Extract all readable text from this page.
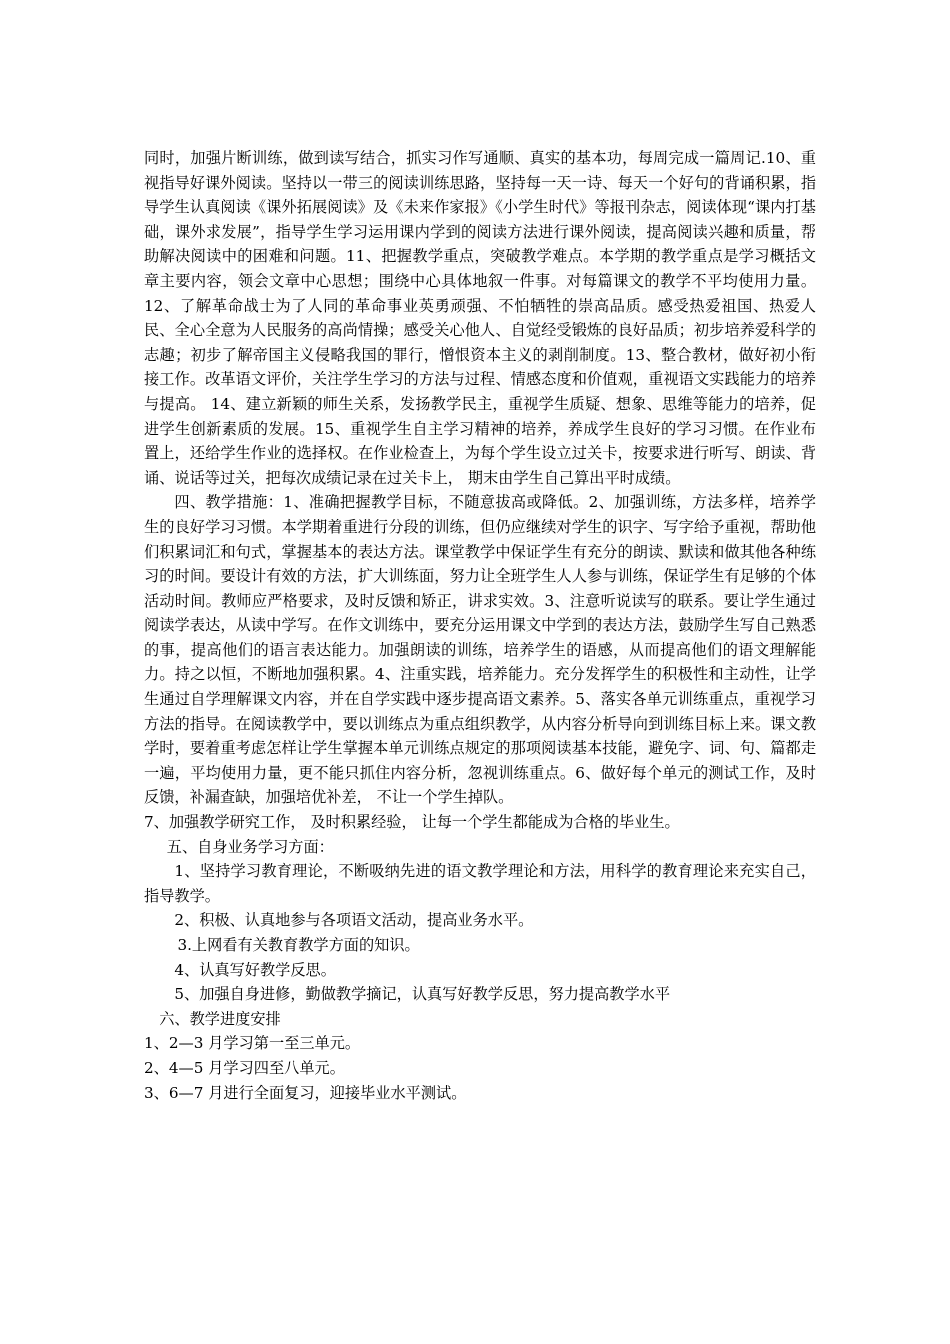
同时，加强片断训练，做到读写结合，抓实习作写通顺、真实的基本功，每周完成一篇周记.10、重视指导好课外阅读。坚持以一带三的阅读训练思路，坚持每一天一诗、每天一个好句的背诵积累，指导学生认真阅读《课外拓展阅读》及《未来作家报》《小学生时代》等报刊杂志，阅读体现“课内打基础，课外求发展”，指导学生学习运用课内学到的阅读方法进行课外阅读，提高阅读兴趣和质量，帮助解决阅读中的困难和问题。11、把握教学重点，突破教学难点。本学期的教学重点是学习概括文章主要内容，领会文章中心思想；围绕中心具体地叙一件事。对每篇课文的教学不平均使用力量。12、了解革命战士为了人同的革命事业英勇顽强、不怕牺牲的崇高品质。感受热爱祖国、热爱人民、全心全意为人民服务的高尚情操；感受关心他人、自觉经受锻炼的良好品质；初步培养爱科学的志趣；初步了解帝国主义侵略我国的罪行，憎恨资本主义的剥削制度。13、整合教材，做好初小衔接工作。改革语文评价，关注学生学习的方法与过程、情感态度和价值观，重视语文实践能力的培养与提高。 14、建立新颖的师生关系，发扬教学民主，重视学生质疑、想象、思维等能力的培养，促进学生创新素质的发展。15、重视学生自主学习精神的培养，养成学生良好的学习习惯。在作业布置上，还给学生作业的选择权。在作业检查上，为每个学生设立过关卡，按要求进行听写、朗读、背诵、说话等过关，把每次成绩记录在过关卡上， 期末由学生自己算出平时成绩。

四、教学措施：1、准确把握教学目标，不随意拔高或降低。2、加强训练，方法多样，培养学生的良好学习习惯。本学期着重进行分段的训练，但仍应继续对学生的识字、写字给予重视，帮助他们积累词汇和句式，掌握基本的表达方法。课堂教学中保证学生有充分的朗读、默读和做其他各种练习的时间。要设计有效的方法，扩大训练面，努力让全班学生人人参与训练，保证学生有足够的个体活动时间。教师应严格要求，及时反馈和矫正，讲求实效。3、注意听说读写的联系。要让学生通过阅读学表达，从读中学写。在作文训练中，要充分运用课文中学到的表达方法，鼓励学生写自己熟悉的事，提高他们的语言表达能力。加强朗读的训练，培养学生的语感，从而提高他们的语文理解能力。持之以恒，不断地加强积累。4、注重实践，培养能力。充分发挥学生的积极性和主动性，让学生通过自学理解课文内容，并在自学实践中逐步提高语文素养。5、落实各单元训练重点，重视学习方法的指导。在阅读教学中，要以训练点为重点组织教学，从内容分析导向到训练目标上来。课文教学时，要着重考虑怎样让学生掌握本单元训练点规定的那项阅读基本技能，避免字、词、句、篇都走一遍，平均使用力量，更不能只抓住内容分析，忽视训练重点。6、做好每个单元的测试工作，及时反馈，补漏查缺，加强培优补差， 不让一个学生掉队。

7、加强教学研究工作， 及时积累经验， 让每一个学生都能成为合格的毕业生。

五、自身业务学习方面：

1、坚持学习教育理论，不断吸纳先进的语文教学理论和方法，用科学的教育理论来充实自己，指导教学。

2、积极、认真地参与各项语文活动，提高业务水平。

3.上网看有关教育教学方面的知识。

4、认真写好教学反思。

5、加强自身进修，勤做教学摘记，认真写好教学反思，努力提高教学水平

六、教学进度安排

1、2—3 月学习第一至三单元。

2、4—5 月学习四至八单元。

3、6—7 月进行全面复习，迎接毕业水平测试。
